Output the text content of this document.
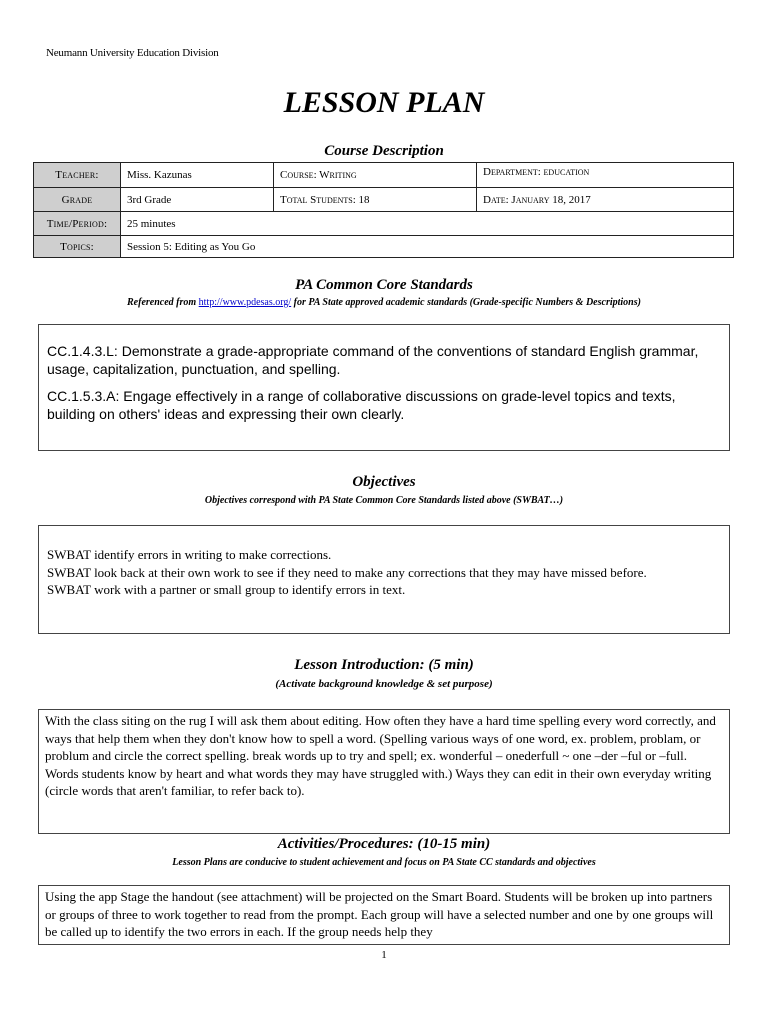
Neumann University Education Division
LESSON PLAN
Course Description
Teacher:	Miss. Kazunas	Course: Writing	Department: education
Grade	3rd Grade	Total Students: 18	Date: January 18, 2017
Time/Period:	25 minutes		
Topics:	Session 5: Editing as You Go		
PA Common Core Standards
Referenced from http://www.pdesas.org/ for PA State approved academic standards (Grade-specific Numbers & Descriptions)

CC.1.4.3.L: Demonstrate a grade-appropriate command of the conventions of standard English grammar, usage, capitalization, punctuation, and spelling.

CC.1.5.3.A: Engage effectively in a range of collaborative discussions on grade-level topics and texts, building on others' ideas and expressing their own clearly.

Objectives
Objectives correspond with PA State Common Core Standards listed above (SWBAT…)
SWBAT identify errors in writing to make corrections.
SWBAT look back at their own work to see if they need to make any corrections that they may have missed before.
SWBAT work with a partner or small group to identify errors in text.
Lesson Introduction: (5 min)
(Activate background knowledge & set purpose)
With the class siting on the rug I will ask them about editing. How often they have a hard time spelling every word correctly, and ways that help them when they don't know how to spell a word. (Spelling various ways of one word, ex. problem, problam, or problum and circle the correct spelling. break words up to try and spell; ex. wonderful – onederfull ~ one –der –ful or –full. Words students know by heart and what words they may have struggled with.) Ways they can edit in their own everyday writing (circle words that aren't familiar, to refer back to).
Activities/Procedures: (10-15 min)
Lesson Plans are conducive to student achievement and focus on PA State CC standards and objectives
Using the app Stage the handout (see attachment) will be projected on the Smart Board. Students will be broken up into partners or groups of three to work together to read from the prompt. Each group will have a selected number and one by one groups will be called up to identify the two errors in each. If the group needs help they
1
